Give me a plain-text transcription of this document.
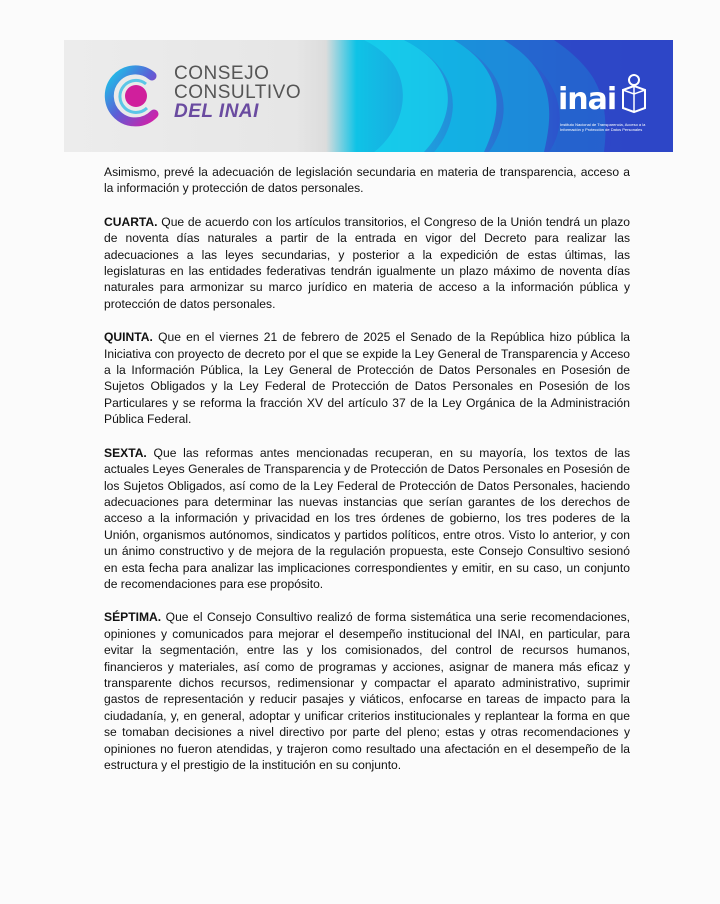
CONSEJO
CONSULTIVO
DEL INAI	inai
Instituto Nacional de Transparencia, Acceso a la Información y Protección de Datos Personales

Asimismo, prevé la adecuación de legislación secundaria en materia de transparencia, acceso a la información y protección de datos personales.

CUARTA. Que de acuerdo con los artículos transitorios, el Congreso de la Unión tendrá un plazo de noventa días naturales a partir de la entrada en vigor del Decreto para realizar las adecuaciones a las leyes secundarias, y posterior a la expedición de estas últimas, las legislaturas en las entidades federativas tendrán igualmente un plazo máximo de noventa días naturales para armonizar su marco jurídico en materia de acceso a la información pública y protección de datos personales.

QUINTA. Que en el viernes 21 de febrero de 2025 el Senado de la República hizo pública la Iniciativa con proyecto de decreto por el que se expide la Ley General de Transparencia y Acceso a la Información Pública, la Ley General de Protección de Datos Personales en Posesión de Sujetos Obligados y la Ley Federal de Protección de Datos Personales en Posesión de los Particulares y se reforma la fracción XV del artículo 37 de la Ley Orgánica de la Administración Pública Federal.

SEXTA. Que las reformas antes mencionadas recuperan, en su mayoría, los textos de las actuales Leyes Generales de Transparencia y de Protección de Datos Personales en Posesión de los Sujetos Obligados, así como de la Ley Federal de Protección de Datos Personales, haciendo adecuaciones para determinar las nuevas instancias que serían garantes de los derechos de acceso a la información y privacidad en los tres órdenes de gobierno, los tres poderes de la Unión, organismos autónomos, sindicatos y partidos políticos, entre otros. Visto lo anterior, y con un ánimo constructivo y de mejora de la regulación propuesta, este Consejo Consultivo sesionó en esta fecha para analizar las implicaciones correspondientes y emitir, en su caso, un conjunto de recomendaciones para ese propósito.

SÉPTIMA. Que el Consejo Consultivo realizó de forma sistemática una serie recomendaciones, opiniones y comunicados para mejorar el desempeño institucional del INAI, en particular, para evitar la segmentación, entre las y los comisionados, del control de recursos humanos, financieros y materiales, así como de programas y acciones, asignar de manera más eficaz y transparente dichos recursos, redimensionar y compactar el aparato administrativo, suprimir gastos de representación y reducir pasajes y viáticos, enfocarse en tareas de impacto para la ciudadanía, y, en general, adoptar y unificar criterios institucionales y replantear la forma en que se tomaban decisiones a nivel directivo por parte del pleno; estas y otras recomendaciones y opiniones no fueron atendidas, y trajeron como resultado una afectación en el desempeño de la estructura y el prestigio de la institución en su conjunto.
